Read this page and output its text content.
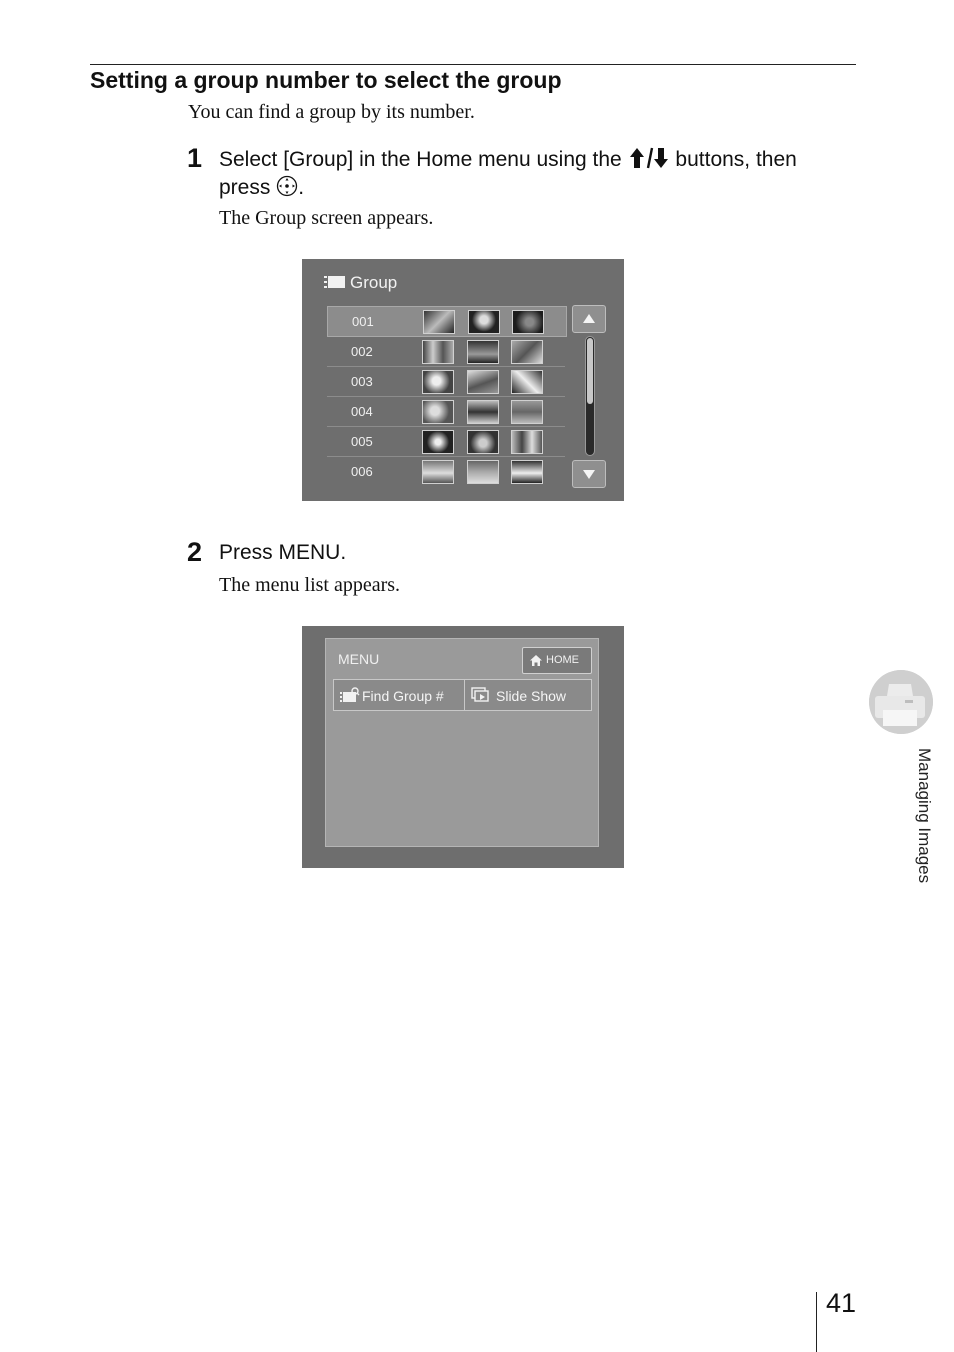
Setting a group number to select the group
You can find a group by its number.
1 Select [Group] in the Home menu using the	buttons, then
press .
The Group screen appears.
Group
001
002
003
004
005
006
2 Press MENU.
The menu list appears.
MENU	HOME
Find Group #	Slide Show
Managing Images
41
